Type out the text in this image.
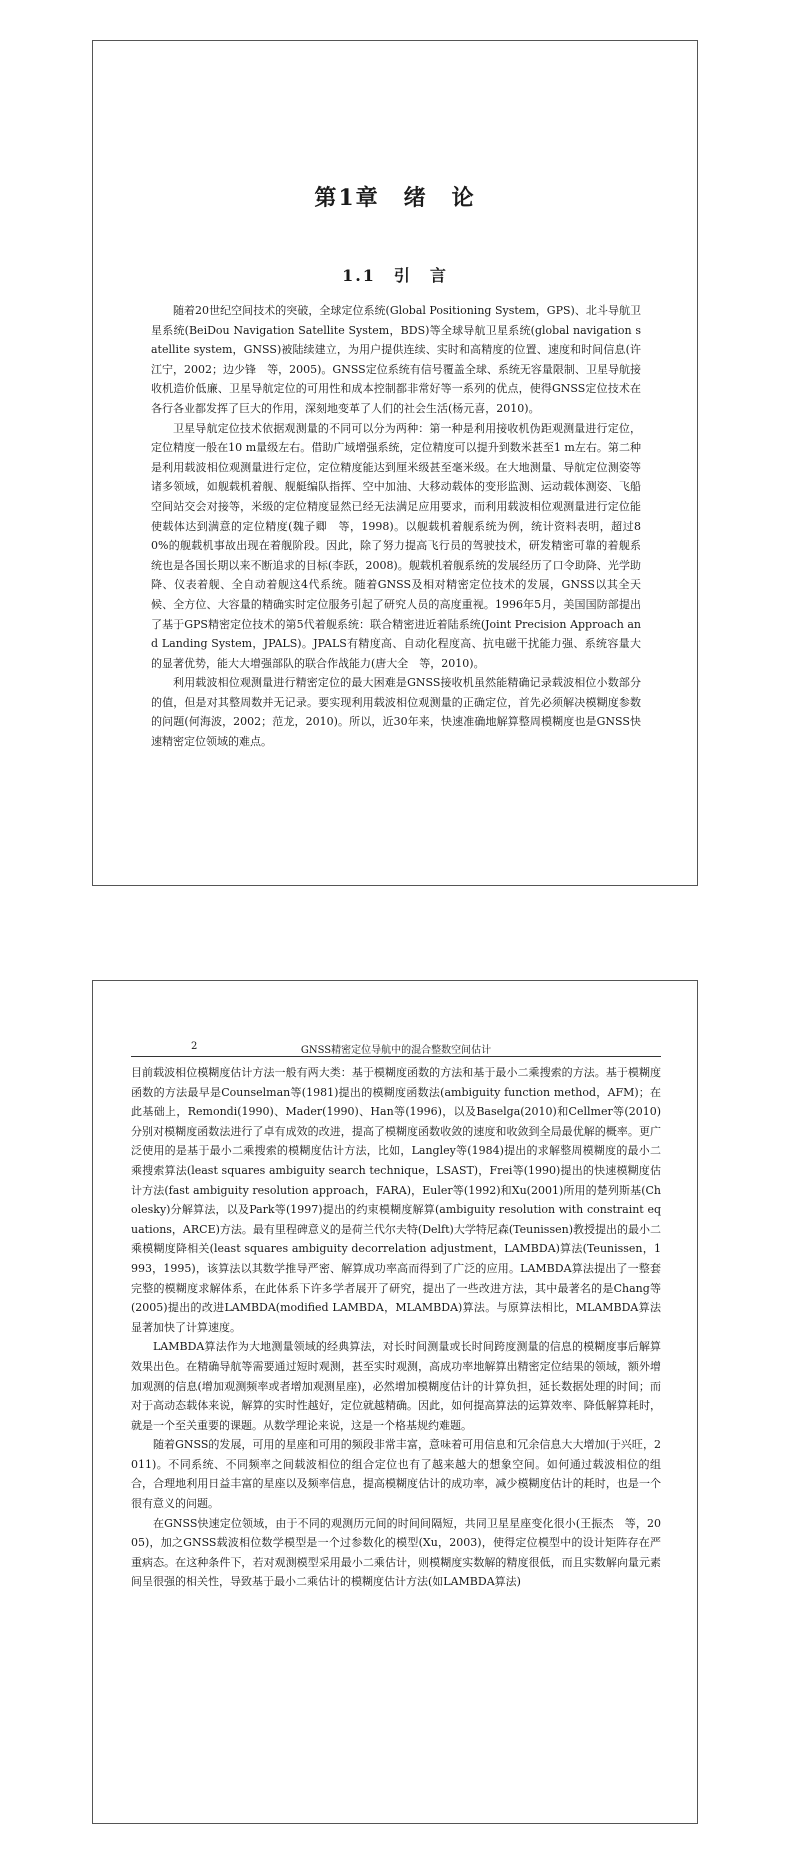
第1章　绪　论
1.1　引　言

随着20世纪空间技术的突破，全球定位系统(Global Positioning System，GPS)、北斗导航卫星系统(BeiDou Navigation Satellite System，BDS)等全球导航卫星系统(global navigation satellite system，GNSS)被陆续建立，为用户提供连续、实时和高精度的位置、速度和时间信息(许江宁，2002；边少锋　等，2005)。GNSS定位系统有信号覆盖全球、系统无容量限制、卫星导航接收机造价低廉、卫星导航定位的可用性和成本控制都非常好等一系列的优点，使得GNSS定位技术在各行各业都发挥了巨大的作用，深刻地变革了人们的社会生活(杨元喜，2010)。

卫星导航定位技术依据观测量的不同可以分为两种：第一种是利用接收机伪距观测量进行定位，定位精度一般在10 m量级左右。借助广域增强系统，定位精度可以提升到数米甚至1 m左右。第二种是利用载波相位观测量进行定位，定位精度能达到厘米级甚至毫米级。在大地测量、导航定位测姿等诸多领域，如舰载机着舰、舰艇编队指挥、空中加油、大移动载体的变形监测、运动载体测姿、飞船空间站交会对接等，米级的定位精度显然已经无法满足应用要求，而利用载波相位观测量进行定位能使载体达到满意的定位精度(魏子卿　等，1998)。以舰载机着舰系统为例，统计资料表明，超过80%的舰载机事故出现在着舰阶段。因此，除了努力提高飞行员的驾驶技术，研发精密可靠的着舰系统也是各国长期以来不断追求的目标(李跃，2008)。舰载机着舰系统的发展经历了口令助降、光学助降、仪表着舰、全自动着舰这4代系统。随着GNSS及相对精密定位技术的发展，GNSS以其全天候、全方位、大容量的精确实时定位服务引起了研究人员的高度重视。1996年5月，美国国防部提出了基于GPS精密定位技术的第5代着舰系统：联合精密进近着陆系统(Joint Precision Approach and Landing System，JPALS)。JPALS有精度高、自动化程度高、抗电磁干扰能力强、系统容量大的显著优势，能大大增强部队的联合作战能力(唐大全　等，2010)。

利用载波相位观测量进行精密定位的最大困难是GNSS接收机虽然能精确记录载波相位小数部分的值，但是对其整周数并无记录。要实现利用载波相位观测量的正确定位，首先必须解决模糊度参数的问题(何海波，2002；范龙，2010)。所以，近30年来，快速准确地解算整周模糊度也是GNSS快速精密定位领域的难点。

2	GNSS精密定位导航中的混合整数空间估计

目前载波相位模糊度估计方法一般有两大类：基于模糊度函数的方法和基于最小二乘搜索的方法。基于模糊度函数的方法最早是Counselman等(1981)提出的模糊度函数法(ambiguity function method，AFM)；在此基础上，Remondi(1990)、Mader(1990)、Han等(1996)，以及Baselga(2010)和Cellmer等(2010)分别对模糊度函数法进行了卓有成效的改进，提高了模糊度函数收敛的速度和收敛到全局最优解的概率。更广泛使用的是基于最小二乘搜索的模糊度估计方法，比如，Langley等(1984)提出的求解整周模糊度的最小二乘搜索算法(least squares ambiguity search technique，LSAST)，Frei等(1990)提出的快速模糊度估计方法(fast ambiguity resolution approach，FARA)，Euler等(1992)和Xu(2001)所用的楚列斯基(Cholesky)分解算法，以及Park等(1997)提出的约束模糊度解算(ambiguity resolution with constraint equations，ARCE)方法。最有里程碑意义的是荷兰代尔夫特(Delft)大学特尼森(Teunissen)教授提出的最小二乘模糊度降相关(least squares ambiguity decorrelation adjustment，LAMBDA)算法(Teunissen，1993，1995)，该算法以其数学推导严密、解算成功率高而得到了广泛的应用。LAMBDA算法提出了一整套完整的模糊度求解体系，在此体系下许多学者展开了研究，提出了一些改进方法，其中最著名的是Chang等(2005)提出的改进LAMBDA(modified LAMBDA，MLAMBDA)算法。与原算法相比，MLAMBDA算法显著加快了计算速度。

LAMBDA算法作为大地测量领域的经典算法，对长时间测量或长时间跨度测量的信息的模糊度事后解算效果出色。在精确导航等需要通过短时观测，甚至实时观测，高成功率地解算出精密定位结果的领域，额外增加观测的信息(增加观测频率或者增加观测星座)，必然增加模糊度估计的计算负担，延长数据处理的时间；而对于高动态载体来说，解算的实时性越好，定位就越精确。因此，如何提高算法的运算效率、降低解算耗时，就是一个至关重要的课题。从数学理论来说，这是一个格基规约难题。

随着GNSS的发展，可用的星座和可用的频段非常丰富，意味着可用信息和冗余信息大大增加(于兴旺，2011)。不同系统、不同频率之间载波相位的组合定位也有了越来越大的想象空间。如何通过载波相位的组合，合理地利用日益丰富的星座以及频率信息，提高模糊度估计的成功率，减少模糊度估计的耗时，也是一个很有意义的问题。

在GNSS快速定位领域，由于不同的观测历元间的时间间隔短，共同卫星星座变化很小(王振杰　等，2005)，加之GNSS载波相位数学模型是一个过参数化的模型(Xu，2003)，使得定位模型中的设计矩阵存在严重病态。在这种条件下，若对观测模型采用最小二乘估计，则模糊度实数解的精度很低，而且实数解向量元素间呈很强的相关性，导致基于最小二乘估计的模糊度估计方法(如LAMBDA算法)
